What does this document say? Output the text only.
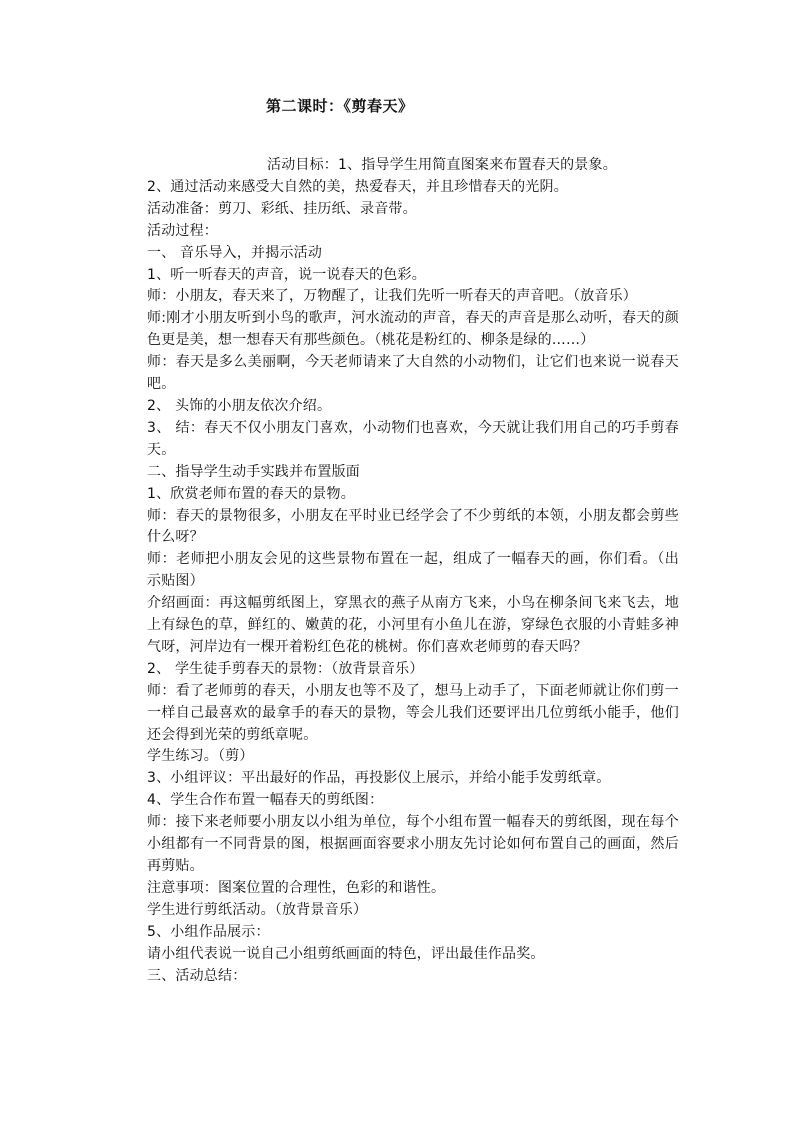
第二课时：《剪春天》

活动目标：1、指导学生用简直图案来布置春天的景象。

2、通过活动来感受大自然的美，热爱春天，并且珍惜春天的光阴。

活动准备：剪刀、彩纸、挂历纸、录音带。

活动过程：

一、 音乐导入，并揭示活动

1、听一听春天的声音，说一说春天的色彩。

师：小朋友，春天来了，万物醒了，让我们先听一听春天的声音吧。（放音乐）

师:刚才小朋友听到小鸟的歌声，河水流动的声音，春天的声音是那么动听，春天的颜色更是美，想一想春天有那些颜色。（桃花是粉红的、柳条是绿的……）

师：春天是多么美丽啊，今天老师请来了大自然的小动物们，让它们也来说一说春天吧。

2、 头饰的小朋友依次介绍。

3、 结：春天不仅小朋友门喜欢，小动物们也喜欢，今天就让我们用自己的巧手剪春天。

二、指导学生动手实践并布置版面

1、欣赏老师布置的春天的景物。

师：春天的景物很多，小朋友在平时业已经学会了不少剪纸的本领，小朋友都会剪些什么呀？

师：老师把小朋友会见的这些景物布置在一起，组成了一幅春天的画，你们看。（出示贴图）

介绍画面：再这幅剪纸图上，穿黑衣的燕子从南方飞来，小鸟在柳条间飞来飞去，地上有绿色的草，鲜红的、嫩黄的花，小河里有小鱼儿在游，穿绿色衣服的小青蛙多神气呀，河岸边有一棵开着粉红色花的桃树。你们喜欢老师剪的春天吗？

2、 学生徒手剪春天的景物：（放背景音乐）

师：看了老师剪的春天，小朋友也等不及了，想马上动手了，下面老师就让你们剪一一样自己最喜欢的最拿手的春天的景物，等会儿我们还要评出几位剪纸小能手，他们还会得到光荣的剪纸章呢。

学生练习。（剪）

3、小组评议：平出最好的作品，再投影仪上展示，并给小能手发剪纸章。

4、学生合作布置一幅春天的剪纸图：

师：接下来老师要小朋友以小组为单位，每个小组布置一幅春天的剪纸图，现在每个小组都有一不同背景的图，根据画面容要求小朋友先讨论如何布置自己的画面，然后再剪贴。

注意事项：图案位置的合理性，色彩的和谐性。

学生进行剪纸活动。（放背景音乐）

5、小组作品展示：

请小组代表说一说自己小组剪纸画面的特色，评出最佳作品奖。

三、活动总结：
